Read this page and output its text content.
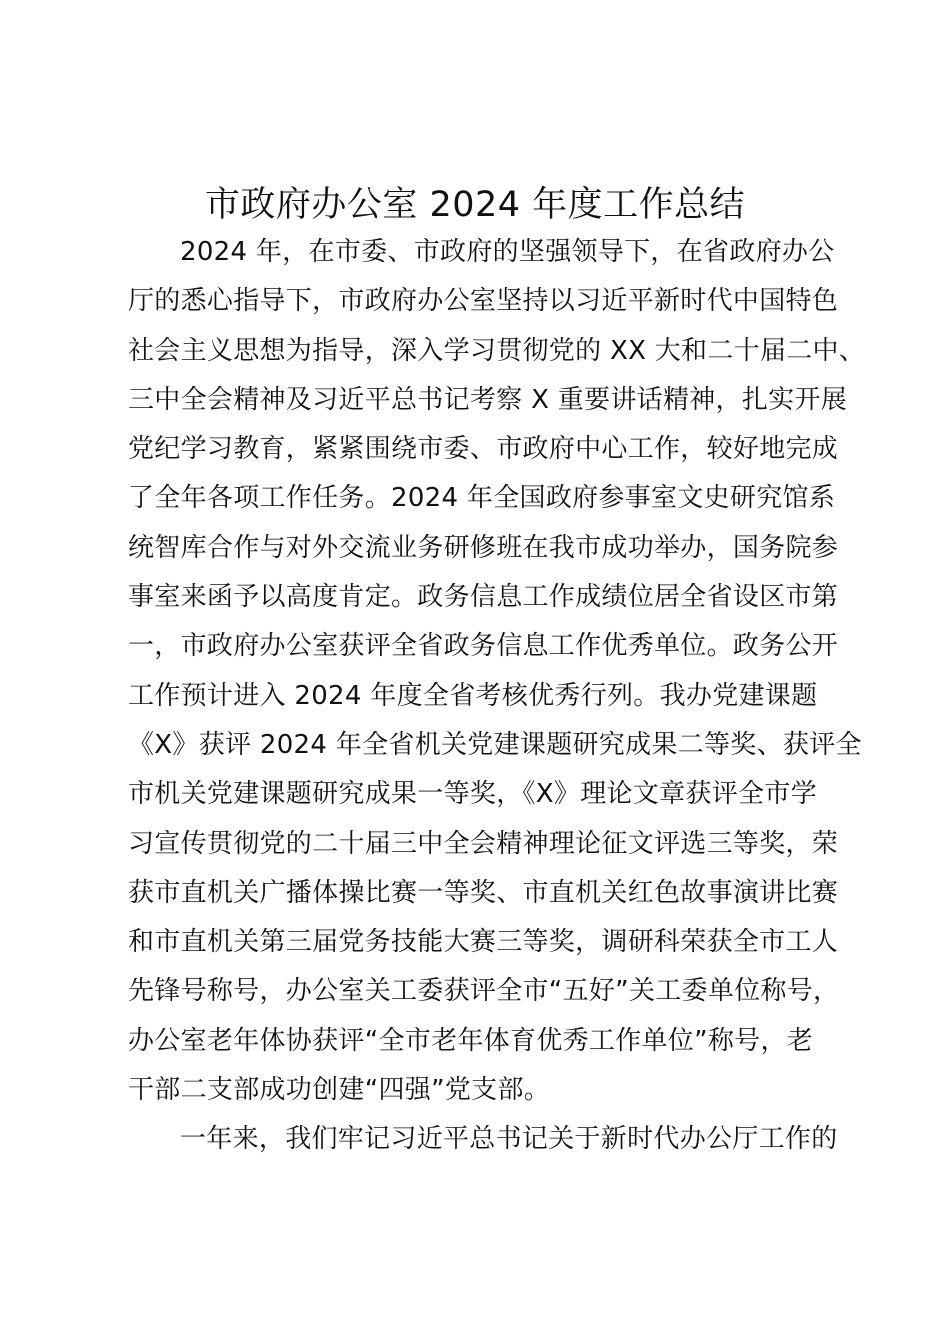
市政府办公室 2024 年度工作总结
2024 年，在市委、市政府的坚强领导下，在省政府办公
厅的悉心指导下，市政府办公室坚持以习近平新时代中国特色
社会主义思想为指导，深入学习贯彻党的 XX 大和二十届二中、
三中全会精神及习近平总书记考察 X 重要讲话精神，扎实开展
党纪学习教育，紧紧围绕市委、市政府中心工作，较好地完成
了全年各项工作任务。2024 年全国政府参事室文史研究馆系
统智库合作与对外交流业务研修班在我市成功举办，国务院参
事室来函予以高度肯定。政务信息工作成绩位居全省设区市第
一，市政府办公室获评全省政务信息工作优秀单位。政务公开
工作预计进入 2024 年度全省考核优秀行列。我办党建课题
《X》获评 2024 年全省机关党建课题研究成果二等奖、获评全
市机关党建课题研究成果一等奖，《X》理论文章获评全市学
习宣传贯彻党的二十届三中全会精神理论征文评选三等奖，荣
获市直机关广播体操比赛一等奖、市直机关红色故事演讲比赛
和市直机关第三届党务技能大赛三等奖，调研科荣获全市工人
先锋号称号，办公室关工委获评全市“五好”关工委单位称号，
办公室老年体协获评“全市老年体育优秀工作单位”称号，老
干部二支部成功创建“四强”党支部。
一年来，我们牢记习近平总书记关于新时代办公厅工作的
